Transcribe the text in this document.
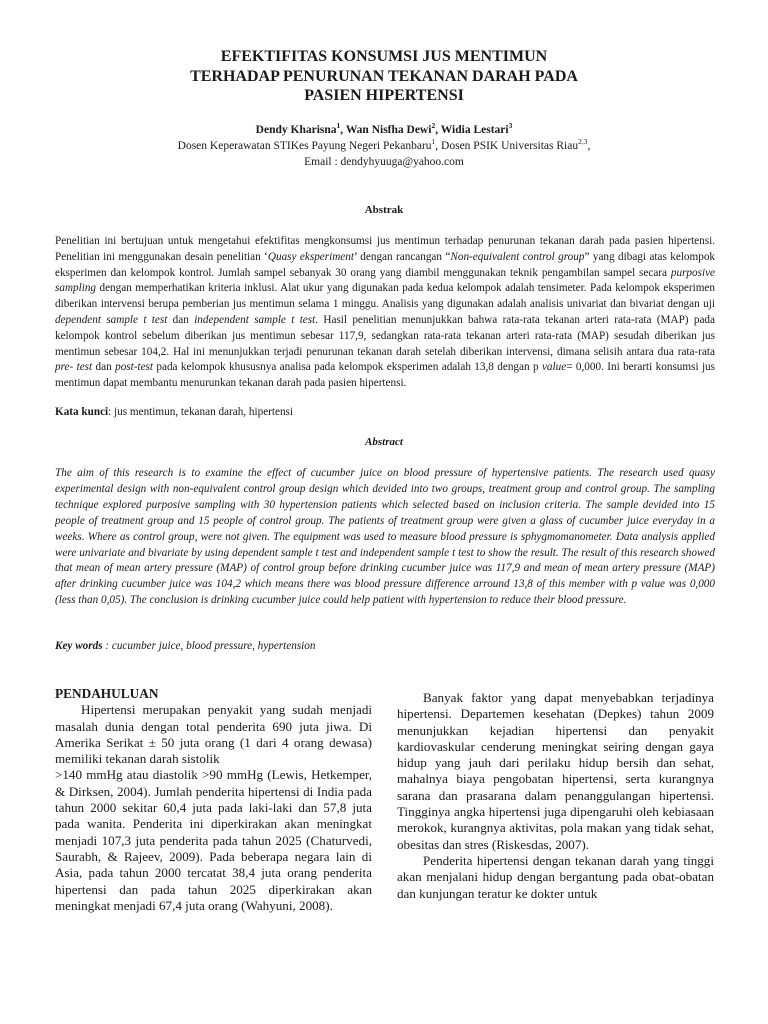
EFEKTIFITAS KONSUMSI JUS MENTIMUN
TERHADAP PENURUNAN TEKANAN DARAH PADA
PASIEN HIPERTENSI
Dendy Kharisna$^1$, Wan Nisfha Dewi$^2$, Widia Lestari$^3$
Dosen Keperawatan STIKes Payung Negeri Pekanbaru$^1$, Dosen PSIK Universitas Riau$^{2,3}$,
Email : dendyhyuuga@yahoo.com
Abstrak
Penelitian ini bertujuan untuk mengetahui efektifitas mengkonsumsi jus mentimun terhadap penurunan tekanan darah pada pasien hipertensi. Penelitian ini menggunakan desain penelitian ‘Quasy eksperiment’ dengan rancangan “Non-equivalent control group” yang dibagi atas kelompok eksperimen dan kelompok kontrol. Jumlah sampel sebanyak 30 orang yang diambil menggunakan teknik pengambilan sampel secara purposive sampling dengan memperhatikan kriteria inklusi. Alat ukur yang digunakan pada kedua kelompok adalah tensimeter. Pada kelompok eksperimen diberikan intervensi berupa pemberian jus mentimun selama 1 minggu. Analisis yang digunakan adalah analisis univariat dan bivariat dengan uji dependent sample t test dan independent sample t test. Hasil penelitian menunjukkan bahwa rata-rata tekanan arteri rata-rata (MAP) pada kelompok kontrol sebelum diberikan jus mentimun sebesar 117,9, sedangkan rata-rata tekanan arteri rata-rata (MAP) sesudah diberikan jus mentimun sebesar 104,2. Hal ini menunjukkan terjadi penurunan tekanan darah setelah diberikan intervensi, dimana selisih antara dua rata-rata pre- test dan post-test pada kelompok khususnya analisa pada kelompok eksperimen adalah 13,8 dengan p value= 0,000. Ini berarti konsumsi jus mentimun dapat membantu menurunkan tekanan darah pada pasien hipertensi.
Kata kunci: jus mentimun, tekanan darah, hipertensi
Abstract
The aim of this research is to examine the effect of cucumber juice on blood pressure of hypertensive patients. The research used quasy experimental design with non-equivalent control group design which devided into two groups, treatment group and control group. The sampling technique explored purposive sampling with 30 hypertension patients which selected based on inclusion criteria. The sample devided into 15 people of treatment group and 15 people of control group. The patients of treatment group were given a glass of cucumber juice everyday in a weeks. Where as control group, were not given. The equipment was used to measure blood pressure is sphygmomanometer. Data analysis applied were univariate and bivariate by using dependent sample t test and independent sample t test to show the result. The result of this research showed that mean of mean artery pressure (MAP) of control group before drinking cucumber juice was 117,9 and mean of mean artery pressure (MAP) after drinking cucumber juice was 104,2 which means there was blood pressure difference arround 13,8 of this member with p value was 0,000 (less than 0,05). The conclusion is drinking cucumber juice could help patient with hypertension to reduce their blood pressure.
Key words : cucumber juice, blood pressure, hypertension

PENDAHULUAN

Hipertensi merupakan penyakit yang sudah menjadi masalah dunia dengan total penderita 690 juta jiwa. Di Amerika Serikat ± 50 juta orang (1 dari 4 orang dewasa) memiliki tekanan darah sistolik

>140 mmHg atau diastolik >90 mmHg (Lewis, Hetkemper, & Dirksen, 2004). Jumlah penderita hipertensi di India pada tahun 2000 sekitar 60,4 juta pada laki-laki dan 57,8 juta pada wanita. Penderita ini diperkirakan akan meningkat menjadi 107,3 juta penderita pada tahun 2025 (Chaturvedi, Saurabh, & Rajeev, 2009). Pada beberapa negara lain di Asia, pada tahun 2000 tercatat 38,4 juta orang penderita hipertensi dan pada tahun 2025 diperkirakan akan meningkat menjadi 67,4 juta orang (Wahyuni, 2008).

Banyak faktor yang dapat menyebabkan terjadinya hipertensi. Departemen kesehatan (Depkes) tahun 2009 menunjukkan kejadian hipertensi dan penyakit kardiovaskular cenderung meningkat seiring dengan gaya hidup yang jauh dari perilaku hidup bersih dan sehat, mahalnya biaya pengobatan hipertensi, serta kurangnya sarana dan prasarana dalam penanggulangan hipertensi. Tingginya angka hipertensi juga dipengaruhi oleh kebiasaan merokok, kurangnya aktivitas, pola makan yang tidak sehat, obesitas dan stres (Riskesdas, 2007).

Penderita hipertensi dengan tekanan darah yang tinggi akan menjalani hidup dengan bergantung pada obat-obatan dan kunjungan teratur ke dokter untuk
